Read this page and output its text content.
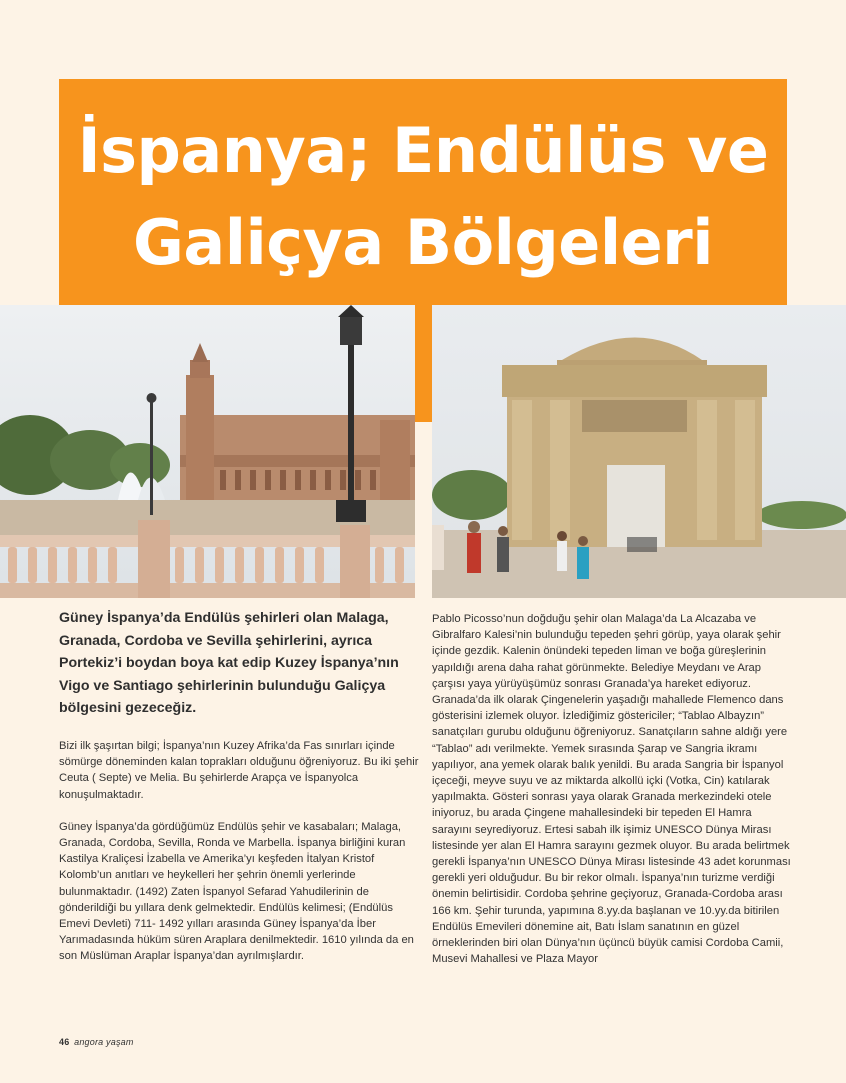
İspanya; Endülüs ve
Galiçya Bölgeleri
Güney İspanya’da Endülüs şehirleri olan Malaga, Granada, Cordoba ve Sevilla şehirlerini, ayrıca Portekiz’i boydan boya kat edip Kuzey İspanya’nın Vigo ve Santiago şehirlerinin bulunduğu Galiçya bölgesini gezeceğiz.

Bizi ilk şaşırtan bilgi; İspanya’nın Kuzey Afrika’da Fas sınırları içinde sömürge döneminden kalan toprakları olduğunu öğreniyoruz. Bu iki şehir Ceuta ( Septe) ve Melia. Bu şehirlerde Arapça ve İspanyolca konuşulmaktadır.

Güney İspanya’da gördüğümüz Endülüs şehir ve kasabaları; Malaga, Granada, Cordoba, Sevilla, Ronda ve Marbella. İspanya birliğini kuran Kastilya Kraliçesi İzabella ve Amerika’yı keşfeden İtalyan Kristof Kolomb’un anıtları ve heykelleri her şehrin önemli yerlerinde bulunmaktadır. (1492) Zaten İspanyol Sefarad Yahudilerinin de gönderildiği bu yıllara denk gelmektedir. Endülüs kelimesi; (Endülüs Emevi Devleti) 711- 1492 yılları arasında Güney İspanya’da İber Yarımadasında hüküm süren Araplara denilmektedir. 1610 yılında da en son Müslüman Araplar İspanya’dan ayrılmışlardır.

Pablo Picosso’nun doğduğu şehir olan Malaga’da La Alcazaba ve Gibralfaro Kalesi’nin bulunduğu tepeden şehri görüp, yaya olarak şehir içinde gezdik. Kalenin önündeki tepeden liman ve boğa güreşlerinin yapıldığı arena daha rahat görünmekte. Belediye Meydanı ve Arap çarşısı yaya yürüyüşümüz sonrası Granada’ya hareket ediyoruz. Granada’da ilk olarak Çingenelerin yaşadığı mahallede Flemenco dans gösterisini izlemek oluyor. İzlediğimiz göstericiler; “Tablao Albayzın” sanatçıları gurubu olduğunu öğreniyoruz. Sanatçıların sahne aldığı yere “Tablao” adı verilmekte. Yemek sırasında Şarap ve Sangria ikramı yapılıyor, ana yemek olarak balık yenildi. Bu arada Sangria bir İspanyol içeceği, meyve suyu ve az miktarda alkollü içki (Votka, Cin) katılarak yapılmakta. Gösteri sonrası yaya olarak Granada merkezindeki otele iniyoruz, bu arada Çingene mahallesindeki bir tepeden El Hamra sarayını seyrediyoruz. Ertesi sabah ilk işimiz UNESCO Dünya Mirası listesinde yer alan El Hamra sarayını gezmek oluyor. Bu arada belirtmek gerekli İspanya’nın UNESCO Dünya Mirası listesinde 43 adet korunması gerekli yeri olduğudur. Bu bir rekor olmalı. İspanya’nın turizme verdiği önemin belirtisidir. Cordoba şehrine geçiyoruz, Granada-Cordoba arası 166 km. Şehir turunda, yapımına 8.yy.da başlanan ve 10.yy.da bitirilen Endülüs Emevileri dönemine ait, Batı İslam sanatının en güzel örneklerinden biri olan Dünya’nın üçüncü büyük camisi Cordoba Camii, Musevi Mahallesi ve Plaza Mayor

46 angora yaşam
